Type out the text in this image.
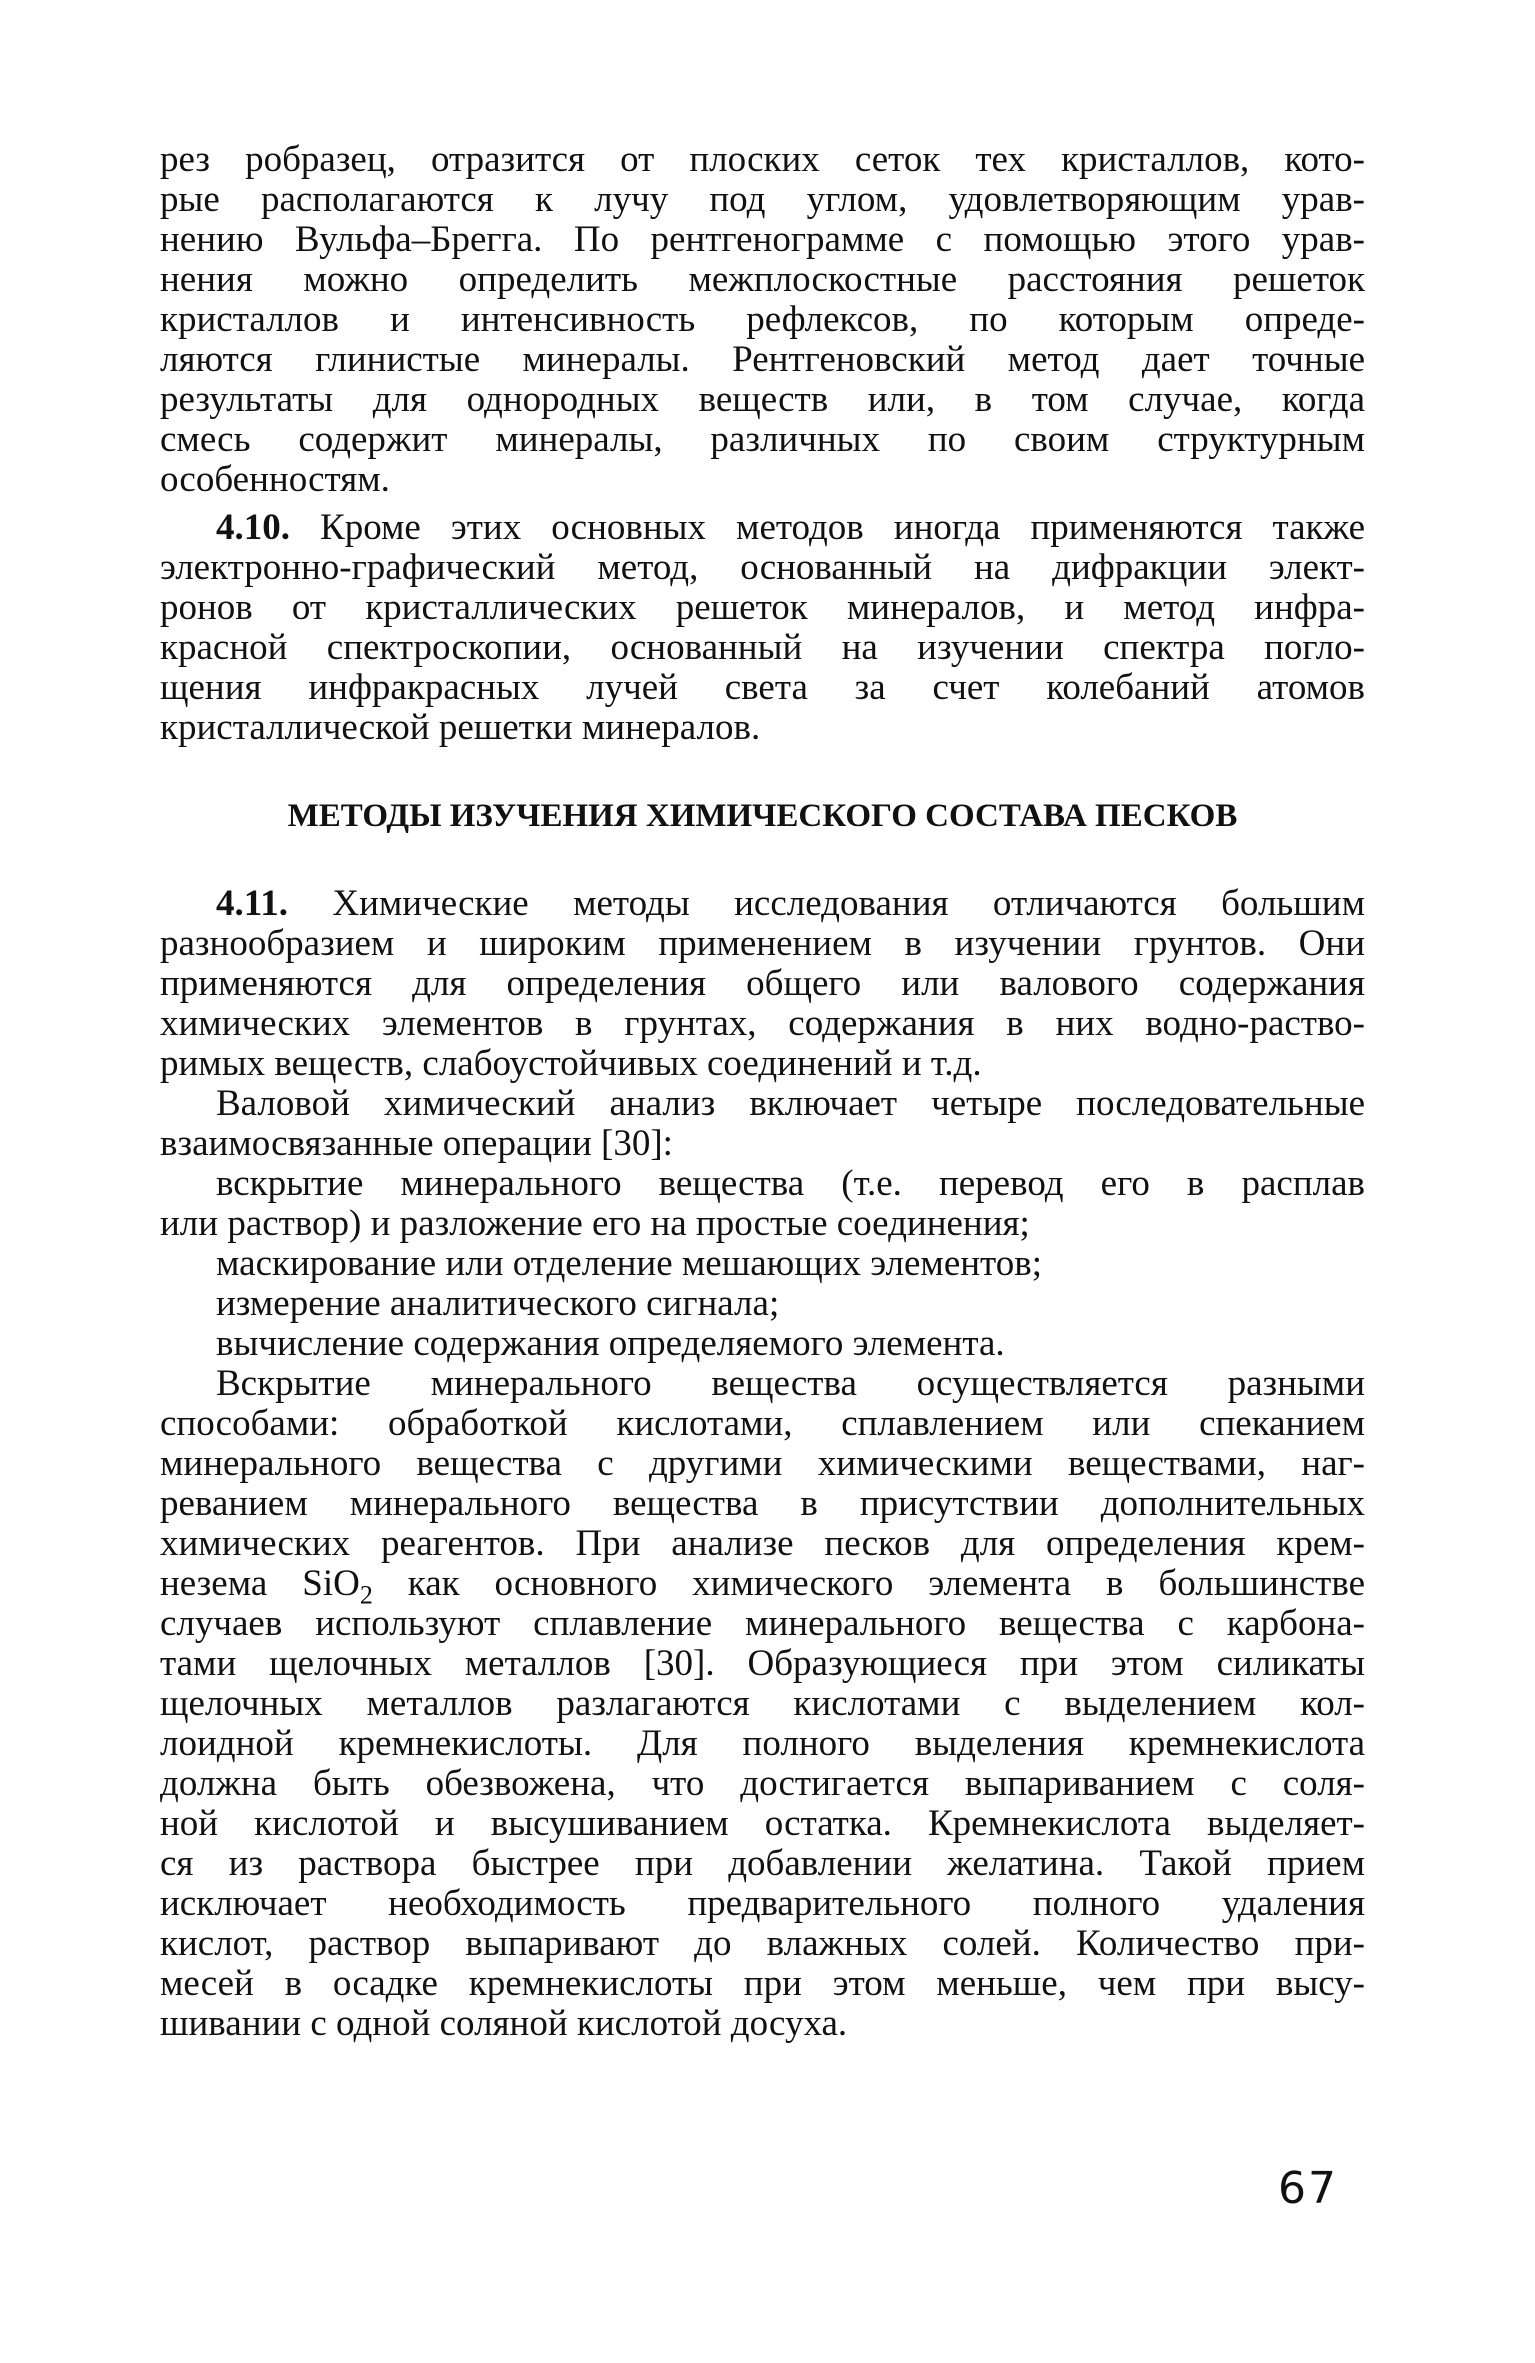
рез робразец, отразится от плоских сеток тех кристаллов, кото-
рые располагаются к лучу под углом, удовлетворяющим урав-
нению Вульфа–Брегга. По рентгенограмме с помощью этого урав-
нения можно определить межплоскостные расстояния решеток
кристаллов и интенсивность рефлексов, по которым опреде-
ляются глинистые минералы. Рентгеновский метод дает точные
результаты для однородных веществ или, в том случае, когда
смесь содержит минералы, различных по своим структурным
особенностям.
4.10. Кроме этих основных методов иногда применяются также
электронно-графический метод, основанный на дифракции элект-
ронов от кристаллических решеток минералов, и метод инфра-
красной спектроскопии, основанный на изучении спектра погло-
щения инфракрасных лучей света за счет колебаний атомов
кристаллической решетки минералов.
МЕТОДЫ ИЗУЧЕНИЯ ХИМИЧЕСКОГО СОСТАВА ПЕСКОВ
4.11. Химические методы исследования отличаются большим
разнообразием и широким применением в изучении грунтов. Они
применяются для определения общего или валового содержания
химических элементов в грунтах, содержания в них водно-раство-
римых веществ, слабоустойчивых соединений и т.д.
Валовой химический анализ включает четыре последовательные
взаимосвязанные операции [30]:
вскрытие минерального вещества (т.е. перевод его в расплав
или раствор) и разложение его на простые соединения;
маскирование или отделение мешающих элементов;
измерение аналитического сигнала;
вычисление содержания определяемого элемента.
Вскрытие минерального вещества осуществляется разными
способами: обработкой кислотами, сплавлением или спеканием
минерального вещества с другими химическими веществами, наг-
реванием минерального вещества в присутствии дополнительных
химических реагентов. При анализе песков для определения крем-
незема SiO$_2$ как основного химического элемента в большинстве
случаев используют сплавление минерального вещества с карбона-
тами щелочных металлов [30]. Образующиеся при этом силикаты
щелочных металлов разлагаются кислотами с выделением кол-
лоидной кремнекислоты. Для полного выделения кремнекислота
должна быть обезвожена, что достигается выпариванием с соля-
ной кислотой и высушиванием остатка. Кремнекислота выделяет-
ся из раствора быстрее при добавлении желатина. Такой прием
исключает необходимость предварительного полного удаления
кислот, раствор выпаривают до влажных солей. Количество при-
месей в осадке кремнекислоты при этом меньше, чем при высу-
шивании с одной соляной кислотой досуха.
67
